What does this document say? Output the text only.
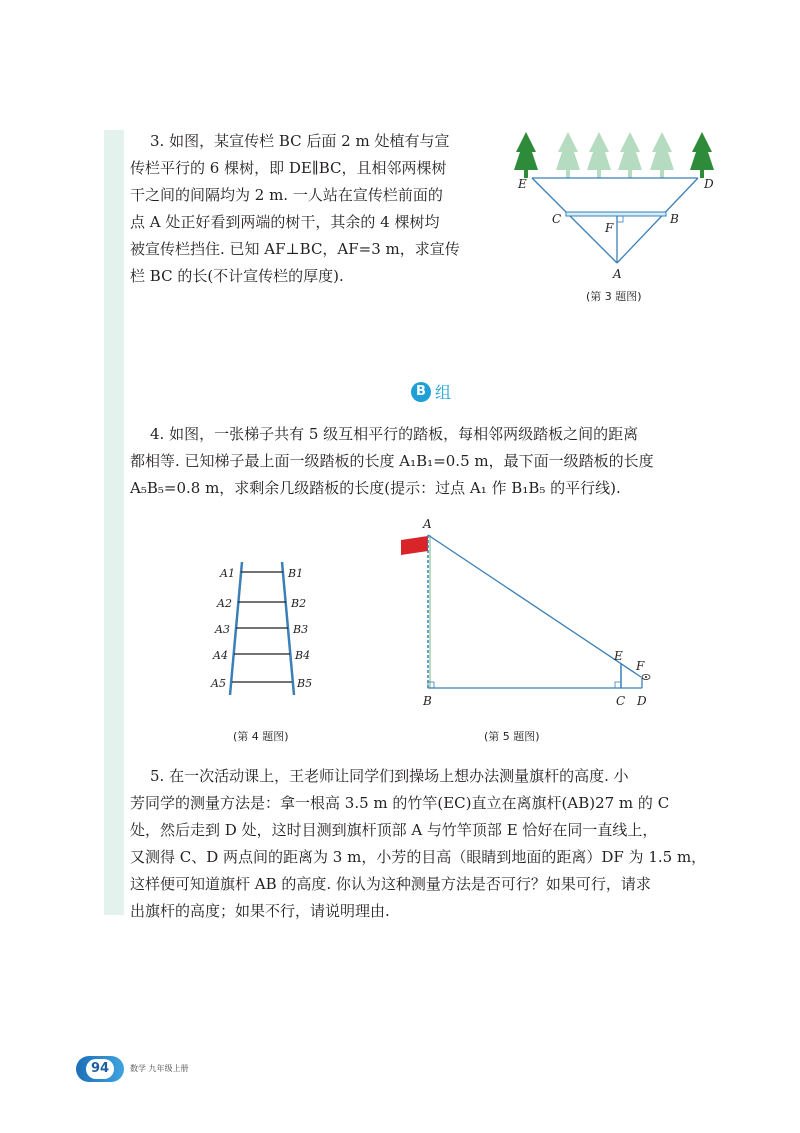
3. 如图，某宣传栏 BC 后面 2 m 处植有与宣

传栏平行的 6 棵树，即 DE∥BC，且相邻两棵树

干之间的间隔均为 2 m. 一人站在宣传栏前面的

点 A 处正好看到两端的树干，其余的 4 棵树均

被宣传栏挡住. 已知 AF⊥BC，AF=3 m，求宣传

栏 BC 的长(不计宣传栏的厚度).

E	D
C	B
F
A
(第 3 题图)
B 组

4. 如图，一张梯子共有 5 级互相平行的踏板，每相邻两级踏板之间的距离

都相等. 已知梯子最上面一级踏板的长度 A₁B₁=0.5 m，最下面一级踏板的长度

A₅B₅=0.8 m，求剩余几级踏板的长度(提示：过点 A₁ 作 B₁B₅ 的平行线).

A1
A2
A3
A4
A5
B1
B2
B3
B4
B5
(第 4 题图)
A
E
F
B	C D
(第 5 题图)

5. 在一次活动课上，王老师让同学们到操场上想办法测量旗杆的高度. 小

芳同学的测量方法是：拿一根高 3.5 m 的竹竿(EC)直立在离旗杆(AB)27 m 的 C

处，然后走到 D 处，这时目测到旗杆顶部 A 与竹竿顶部 E 恰好在同一直线上，

又测得 C、D 两点间的距离为 3 m，小芳的目高（眼睛到地面的距离）DF 为 1.5 m，

这样便可知道旗杆 AB 的高度. 你认为这种测量方法是否可行？如果可行，请求

出旗杆的高度；如果不行，请说明理由.

94	数学 九年级上册
